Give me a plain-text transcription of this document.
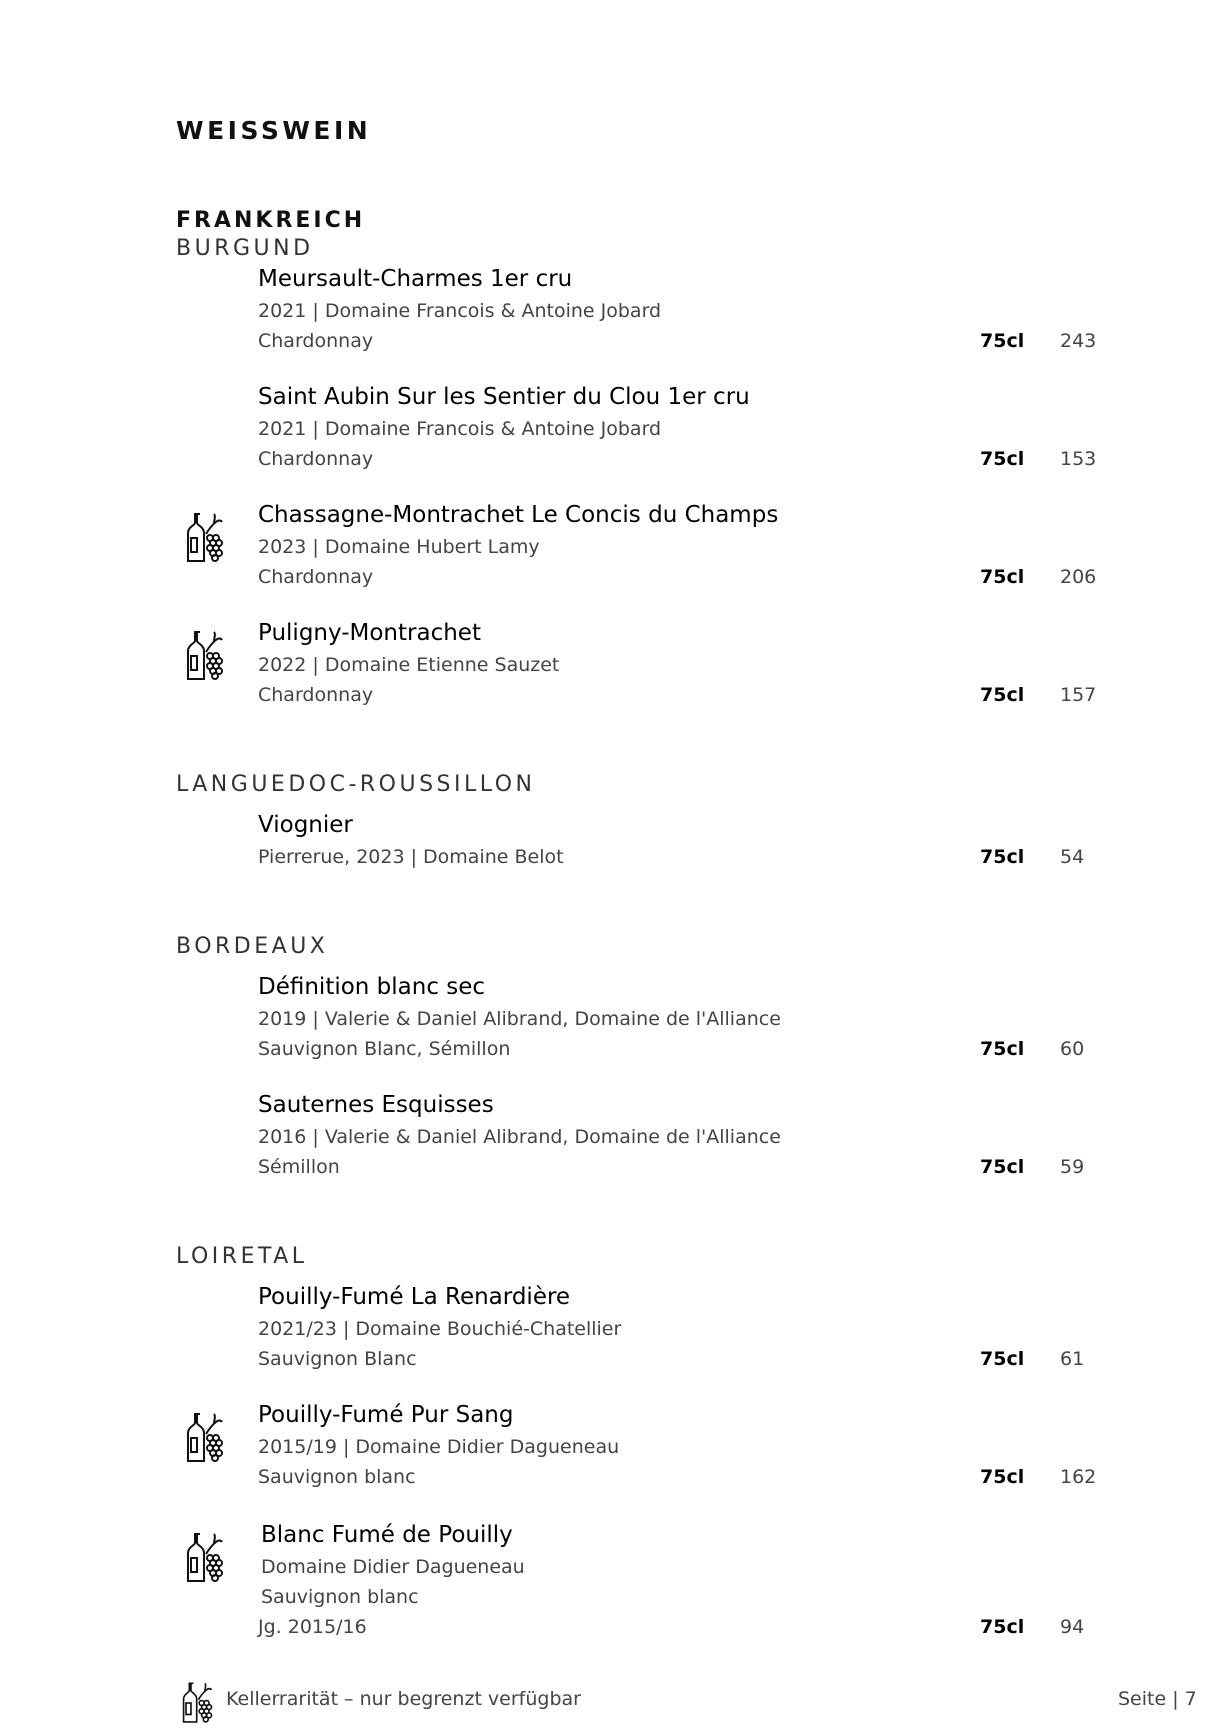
WEISSWEIN
FRANKREICH
BURGUND
Meursault-Charmes 1er cru
2021 | Domaine Francois & Antoine Jobard
Chardonnay	75cl 243
Saint Aubin Sur les Sentier du Clou 1er cru
2021 | Domaine Francois & Antoine Jobard
Chardonnay	75cl 153
Chassagne-Montrachet Le Concis du Champs
2023 | Domaine Hubert Lamy
Chardonnay	75cl 206
Puligny-Montrachet
2022 | Domaine Etienne Sauzet
Chardonnay	75cl 157
LANGUEDOC-ROUSSILLON
Viognier
Pierrerue, 2023 | Domaine Belot	75cl 54
BORDEAUX
Définition blanc sec
2019 | Valerie & Daniel Alibrand, Domaine de l'Alliance
Sauvignon Blanc, Sémillon	75cl 60
Sauternes Esquisses
2016 | Valerie & Daniel Alibrand, Domaine de l'Alliance
Sémillon	75cl 59
LOIRETAL
Pouilly-Fumé La Renardière
2021/23 | Domaine Bouchié-Chatellier
Sauvignon Blanc	75cl 61
Pouilly-Fumé Pur Sang
2015/19 | Domaine Didier Dagueneau
Sauvignon blanc	75cl 162
Blanc Fumé de Pouilly
Domaine Didier Dagueneau
Sauvignon blanc
Jg. 2015/16	75cl 94
Kellerrarität – nur begrenzt verfügbar	Seite | 7
